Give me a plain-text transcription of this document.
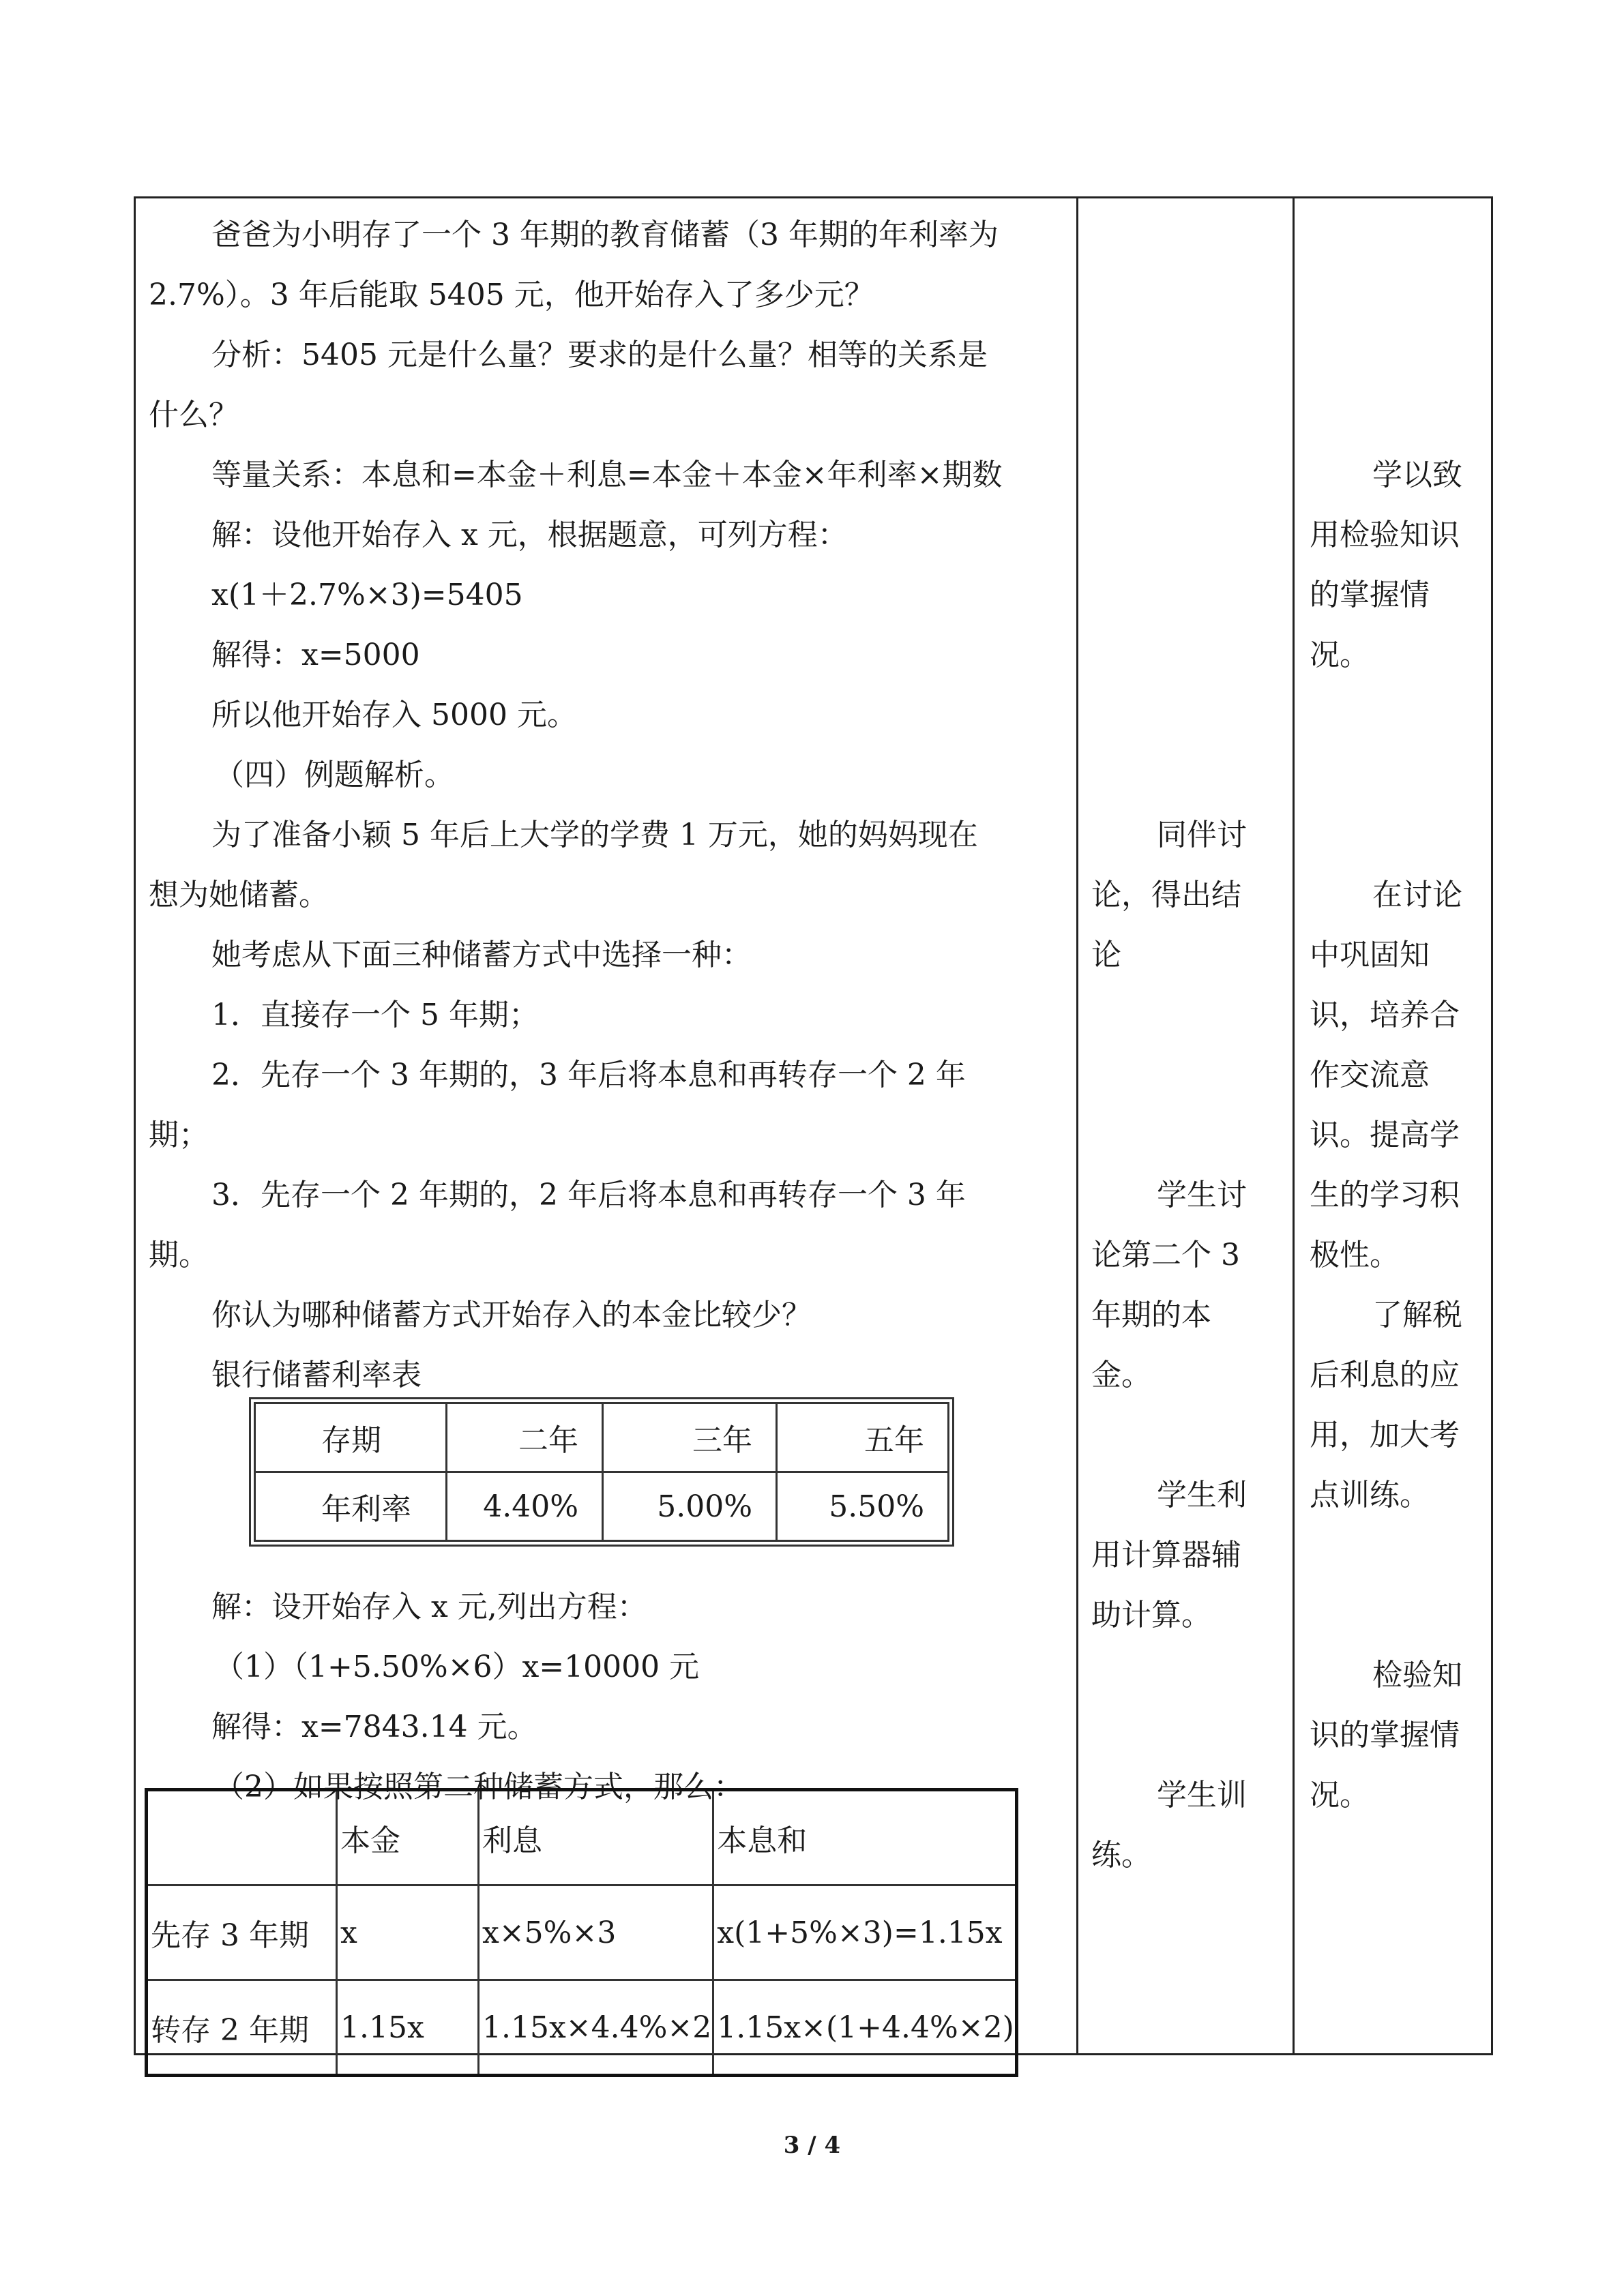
爸爸为小明存了一个 3 年期的教育储蓄（3 年期的年利率为
2.7%）。3 年后能取 5405 元，他开始存入了多少元？
分析：5405 元是什么量？要求的是什么量？相等的关系是
什么？
等量关系：本息和=本金＋利息=本金＋本金×年利率×期数
解：设他开始存入 x 元，根据题意，可列方程：
x(1＋2.7%×3)=5405
解得：x=5000
所以他开始存入 5000 元。
（四）例题解析。
为了准备小颖 5 年后上大学的学费 1 万元，她的妈妈现在
想为她储蓄。
她考虑从下面三种储蓄方式中选择一种：
1．直接存一个 5 年期；
2．先存一个 3 年期的，3 年后将本息和再转存一个 2 年
期；
3．先存一个 2 年期的，2 年后将本息和再转存一个 3 年
期。
你认为哪种储蓄方式开始存入的本金比较少？
银行储蓄利率表
解：设开始存入 x 元,列出方程：
（1）（1+5.50%×6）x=10000 元
解得：x=7843.14 元。
（2）如果按照第二种储蓄方式，那么：
存期	二年	三年	五年
年利率	4.40%	5.00%	5.50%
	本金	利息	本息和
先存 3 年期	x	x×5%×3	x(1+5%×3)=1.15x
转存 2 年期	1.15x	1.15x×4.4%×2	1.15x×(1+4.4%×2)
同伴讨
论，得出结
论
学生讨
论第二个 3
年期的本
金。
学生利
用计算器辅
助计算。
学生训
练。
学以致
用检验知识
的掌握情
况。
在讨论
中巩固知
识，培养合
作交流意
识。提高学
生的学习积
极性。
了解税
后利息的应
用，加大考
点训练。
检验知
识的掌握情
况。
3 / 4
